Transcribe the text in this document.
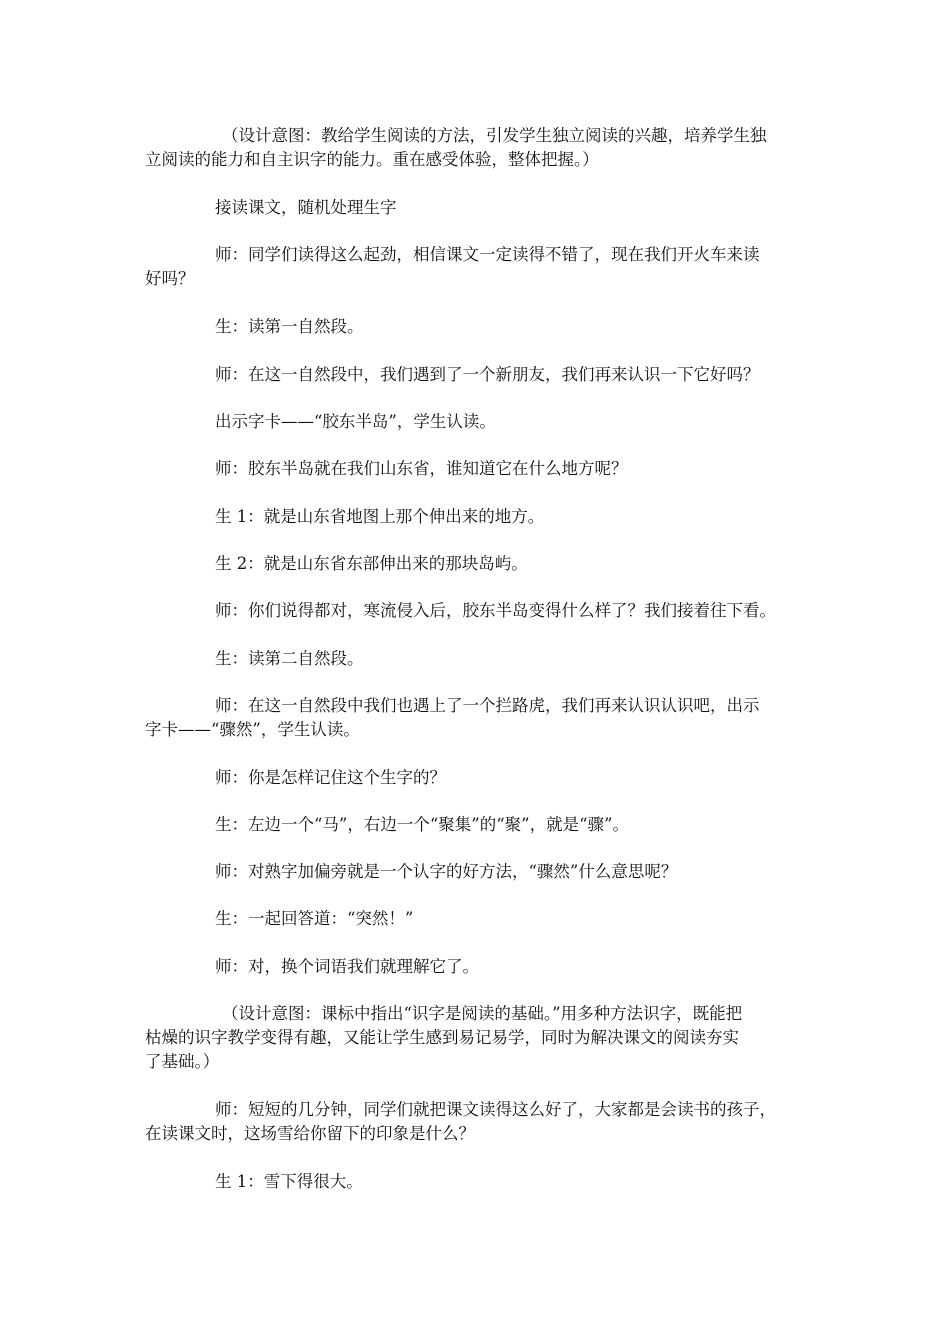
（设计意图：教给学生阅读的方法，引发学生独立阅读的兴趣，培养学生独
立阅读的能力和自主识字的能力。重在感受体验，整体把握。）

接读课文，随机处理生字

师：同学们读得这么起劲，相信课文一定读得不错了，现在我们开火车来读
好吗？

生：读第一自然段。

师：在这一自然段中，我们遇到了一个新朋友，我们再来认识一下它好吗？

出示字卡——“胶东半岛”，学生认读。

师：胶东半岛就在我们山东省，谁知道它在什么地方呢？

生 1：就是山东省地图上那个伸出来的地方。

生 2：就是山东省东部伸出来的那块岛屿。

师：你们说得都对，寒流侵入后，胶东半岛变得什么样了？我们接着往下看。

生：读第二自然段。

师：在这一自然段中我们也遇上了一个拦路虎，我们再来认识认识吧，出示
字卡——“骤然”，学生认读。

师：你是怎样记住这个生字的？

生：左边一个“马”，右边一个“聚集”的“聚”，就是“骤”。

师：对熟字加偏旁就是一个认字的好方法，“骤然”什么意思呢？

生：一起回答道：“突然！”

师：对，换个词语我们就理解它了。

（设计意图：课标中指出“识字是阅读的基础。”用多种方法识字，既能把
枯燥的识字教学变得有趣，又能让学生感到易记易学，同时为解决课文的阅读夯实
了基础。）

师：短短的几分钟，同学们就把课文读得这么好了，大家都是会读书的孩子，
在读课文时，这场雪给你留下的印象是什么？

生 1：雪下得很大。
